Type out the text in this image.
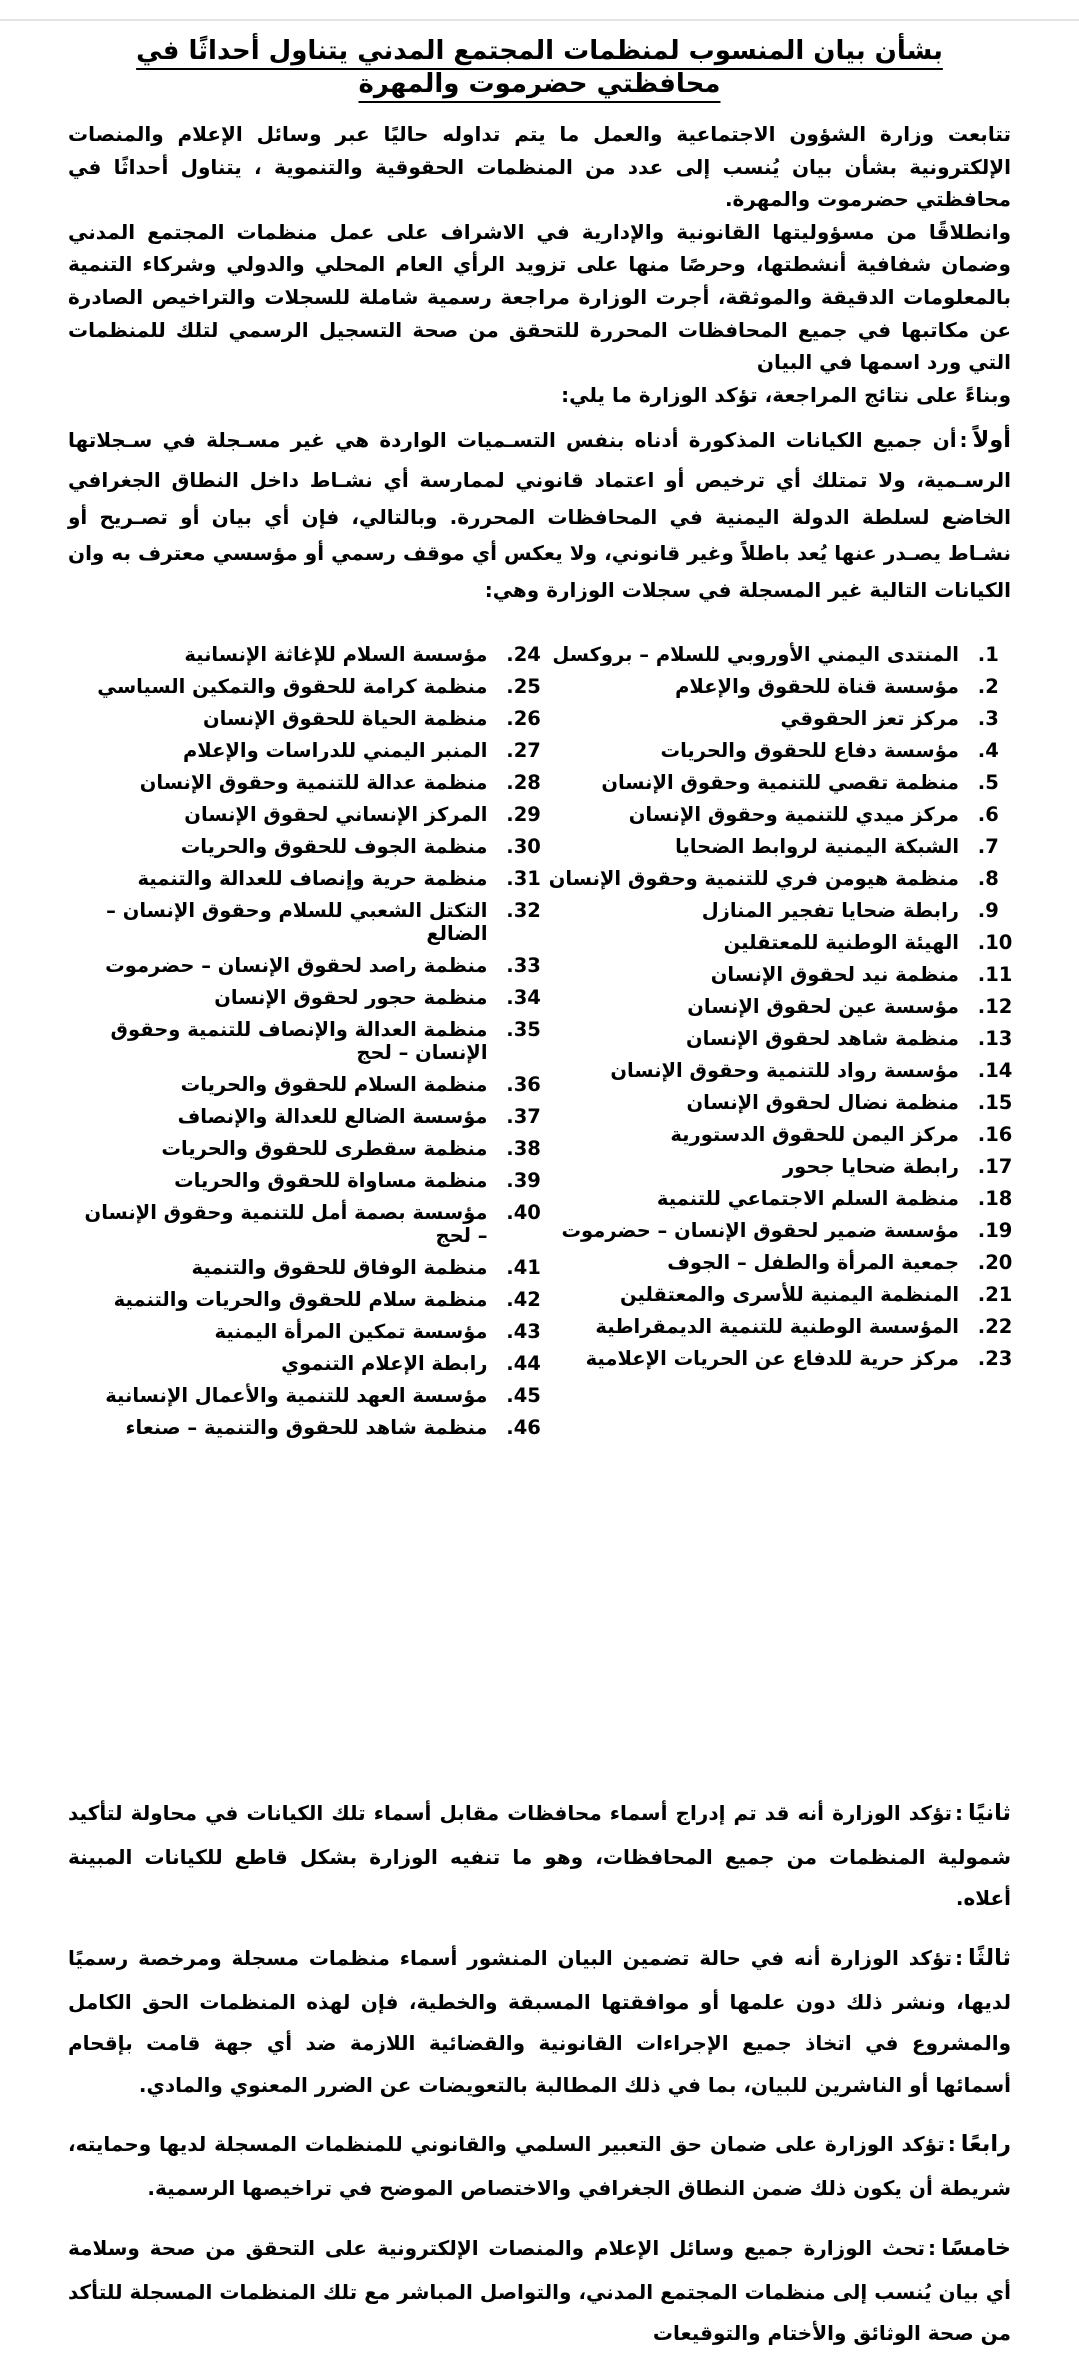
بشأن بيان المنسوب لمنظمات المجتمع المدني يتناول أحداثًا في محافظتي حضرموت والمهرة

تتابعت وزارة الشؤون الاجتماعية والعمل ما يتم تداوله حاليًا عبر وسائل الإعلام والمنصات الإلكترونية بشأن بيان يُنسب إلى عدد من المنظمات الحقوقية والتنموية ، يتناول أحداثًا في محافظتي حضرموت والمهرة.

وانطلاقًا من مسؤوليتها القانونية والإدارية في الاشراف على عمل منظمات المجتمع المدني وضمان شفافية أنشطتها، وحرصًا منها على تزويد الرأي العام المحلي والدولي وشركاء التنمية بالمعلومات الدقيقة والموثقة، أجرت الوزارة مراجعة رسمية شاملة للسجلات والتراخيص الصادرة عن مكاتبها في جميع المحافظات المحررة للتحقق من صحة التسجيل الرسمي لتلك للمنظمات التي ورد اسمها في البيان

وبناءً على نتائج المراجعة، تؤكد الوزارة ما يلي:

أولاً:أن جميع الكيانات المذكورة أدناه بنفس التسـميات الواردة هي غير مسـجلة في سـجلاتها الرسـمية، ولا تمتلك أي ترخيص أو اعتماد قانوني لممارسة أي نشـاط داخل النطاق الجغرافي الخاضع لسلطة الدولة اليمنية في المحافظات المحررة. وبالتالي، فإن أي بيان أو تصـريح أو نشـاط يصـدر عنها يُعد باطلاً وغير قانوني، ولا يعكس أي موقف رسمي أو مؤسسي معترف به وان الكيانات التالية غير المسجلة في سجلات الوزارة وهي:

1. المنتدى اليمني الأوروبي للسلام – بروكسل
2. مؤسسة قناة للحقوق والإعلام
3. مركز تعز الحقوقي
4. مؤسسة دفاع للحقوق والحريات
5. منظمة تقصي للتنمية وحقوق الإنسان
6. مركز ميدي للتنمية وحقوق الإنسان
7. الشبكة اليمنية لروابط الضحايا
8. منظمة هيومن فري للتنمية وحقوق الإنسان
9. رابطة ضحايا تفجير المنازل
10. الهيئة الوطنية للمعتقلين
11. منظمة نيد لحقوق الإنسان
12. مؤسسة عين لحقوق الإنسان
13. منظمة شاهد لحقوق الإنسان
14. مؤسسة رواد للتنمية وحقوق الإنسان
15. منظمة نضال لحقوق الإنسان
16. مركز اليمن للحقوق الدستورية
17. رابطة ضحايا جحور
18. منظمة السلم الاجتماعي للتنمية
19. مؤسسة ضمير لحقوق الإنسان – حضرموت
20. جمعية المرأة والطفل – الجوف
21. المنظمة اليمنية للأسرى والمعتقلين
22. المؤسسة الوطنية للتنمية الديمقراطية
23. مركز حرية للدفاع عن الحريات الإعلامية
24. مؤسسة السلام للإغاثة الإنسانية
25. منظمة كرامة للحقوق والتمكين السياسي
26. منظمة الحياة للحقوق الإنسان
27. المنبر اليمني للدراسات والإعلام
28. منظمة عدالة للتنمية وحقوق الإنسان
29. المركز الإنساني لحقوق الإنسان
30. منظمة الجوف للحقوق والحريات
31. منظمة حرية وإنصاف للعدالة والتنمية
32. التكتل الشعبي للسلام وحقوق الإنسان – الضالع
33. منظمة راصد لحقوق الإنسان – حضرموت
34. منظمة حجور لحقوق الإنسان
35. منظمة العدالة والإنصاف للتنمية وحقوق الإنسان – لحج
36. منظمة السلام للحقوق والحريات
37. مؤسسة الضالع للعدالة والإنصاف
38. منظمة سقطرى للحقوق والحريات
39. منظمة مساواة للحقوق والحريات
40. مؤسسة بصمة أمل للتنمية وحقوق الإنسان – لحج
41. منظمة الوفاق للحقوق والتنمية
42. منظمة سلام للحقوق والحريات والتنمية
43. مؤسسة تمكين المرأة اليمنية
44. رابطة الإعلام التنموي
45. مؤسسة العهد للتنمية والأعمال الإنسانية
46. منظمة شاهد للحقوق والتنمية – صنعاء

ثانيًا:تؤكد الوزارة أنه قد تم إدراج أسماء محافظات مقابل أسماء تلك الكيانات في محاولة لتأكيد شمولية المنظمات من جميع المحافظات، وهو ما تنفيه الوزارة بشكل قاطع للكيانات المبينة أعلاه.

ثالثًا:تؤكد الوزارة أنه في حالة تضمين البيان المنشور أسماء منظمات مسجلة ومرخصة رسميًا لديها، ونشر ذلك دون علمها أو موافقتها المسبقة والخطية، فإن لهذه المنظمات الحق الكامل والمشروع في اتخاذ جميع الإجراءات القانونية والقضائية اللازمة ضد أي جهة قامت بإقحام أسمائها أو الناشرين للبيان، بما في ذلك المطالبة بالتعويضات عن الضرر المعنوي والمادي.

رابعًا:تؤكد الوزارة على ضمان حق التعبير السلمي والقانوني للمنظمات المسجلة لديها وحمايته، شريطة أن يكون ذلك ضمن النطاق الجغرافي والاختصاص الموضح في تراخيصها الرسمية.

خامسًا:تحث الوزارة جميع وسائل الإعلام والمنصات الإلكترونية على التحقق من صحة وسلامة أي بيان يُنسب إلى منظمات المجتمع المدني، والتواصل المباشر مع تلك المنظمات المسجلة للتأكد من صحة الوثائق والأختام والتوقيعات
